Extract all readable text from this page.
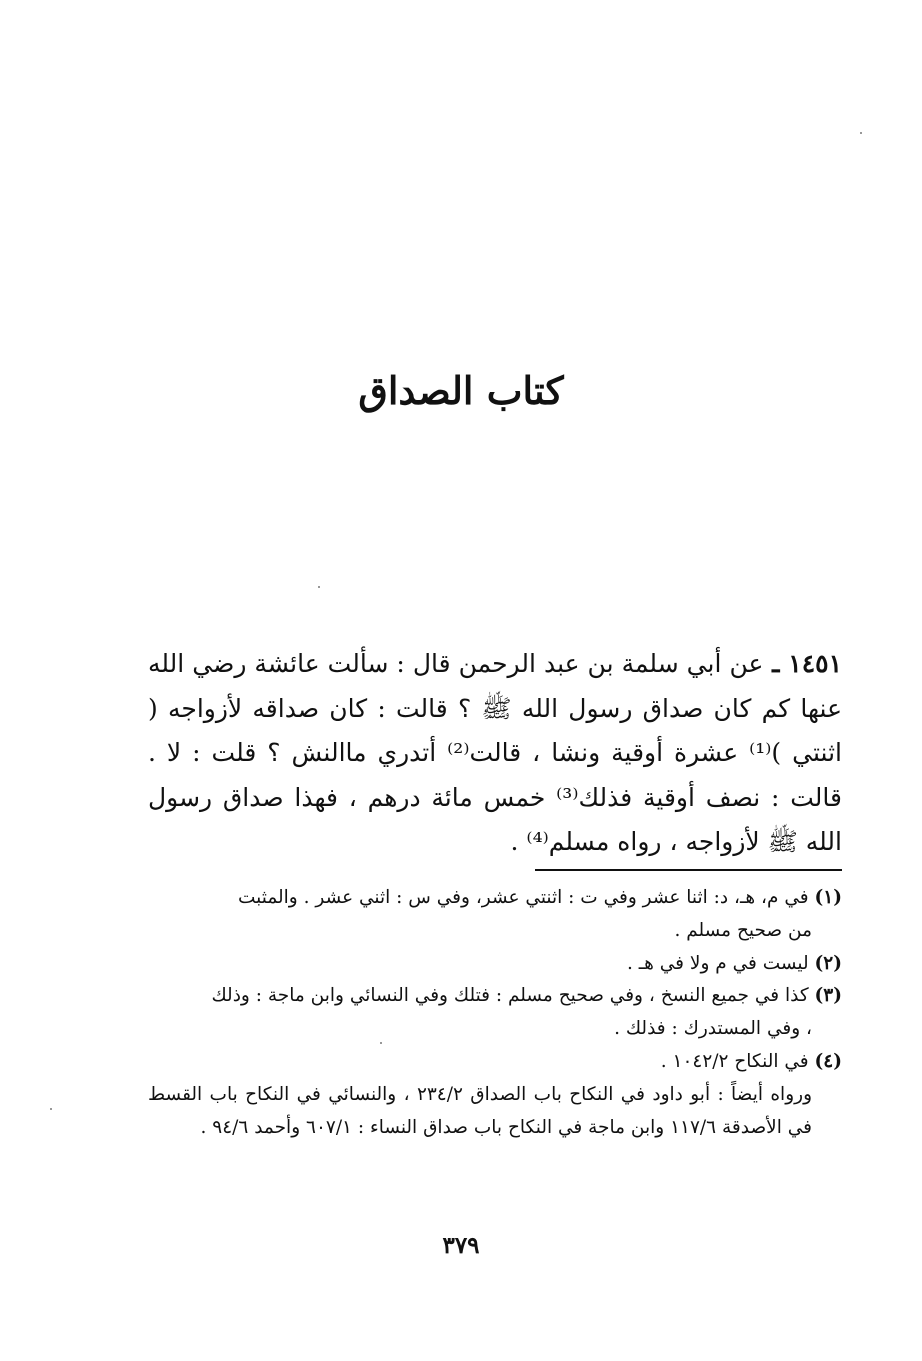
كتاب الصداق

١٤٥١ ـ عن أبي سلمة بن عبد الرحمن قال : سألت عائشة رضي الله عنها كم كان صداق رسول الله ﷺ ؟ قالت : كان صداقه لأزواجه ( اثنتي )⁽¹⁾ عشرة أوقية ونشا ، قالت⁽²⁾ أتدري ماالنش ؟ قلت : لا . قالت : نصف أوقية فذلك⁽³⁾ خمس مائة درهم ، فهذا صداق رسول الله ﷺ لأزواجه ، رواه مسلم⁽⁴⁾ .

(١) في م، هـ، د: اثنا عشر وفي ت : اثنتي عشر، وفي س : اثني عشر . والمثبت

من صحيح مسلم .

(٢) ليست في م ولا في هـ .

(٣) كذا في جميع النسخ ، وفي صحيح مسلم : فتلك وفي النسائي وابن ماجة : وذلك

، وفي المستدرك : فذلك .

(٤) في النكاح ١٠٤٢/٢ .

ورواه أيضاً : أبو داود في النكاح باب الصداق ٢٣٤/٢ ، والنسائي في النكاح باب القسط في الأصدقة ١١٧/٦ وابن ماجة في النكاح باب صداق النساء : ٦٠٧/١ وأحمد ٩٤/٦ .

٣٧٩
